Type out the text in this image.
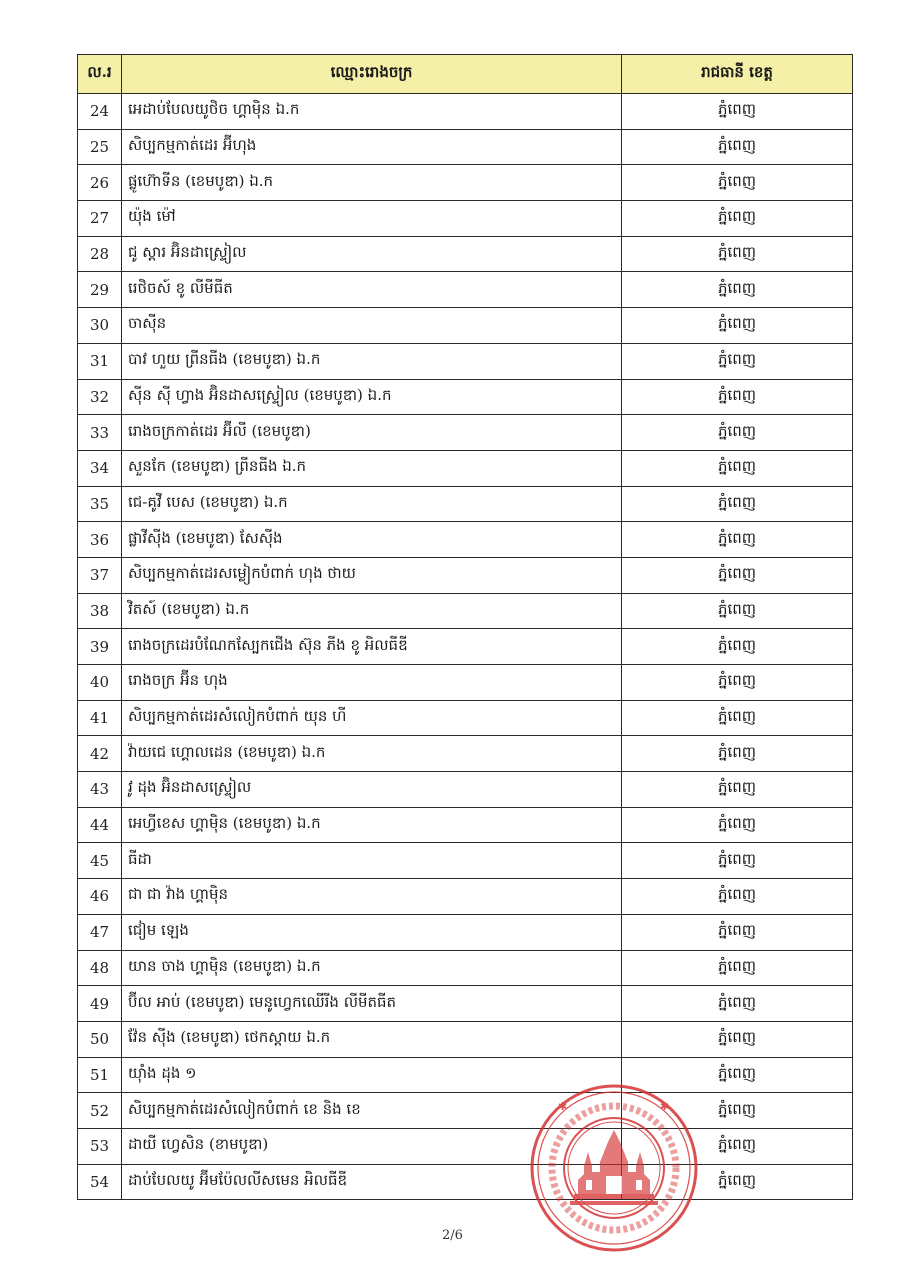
ល.រ	ឈ្មោះរោងចក្រ	រាជធានី ខេត្ត
24	អេដាប់បែលយូថិច ហ្គាម៉ិន ឯ.ក	ភ្នំពេញ
25	សិប្បកម្មកាត់ដេរ អ៊ីហុង	ភ្នំពេញ
26	ផ្លូហ៊ោទីន (ខេមបូឌា) ឯ.ក	ភ្នំពេញ
27	យ៉ុង ម៉ៅ	ភ្នំពេញ
28	ជូ ស្តារ អ៊ិនដាស្រ្ទៀល	ភ្នំពេញ
29	រេថិចស៍ ខូ លីមីធីត	ភ្នំពេញ
30	ចាស៊ីន	ភ្នំពេញ
31	បាវ ហួយ ព្រីនធីង (ខេមបូឌា) ឯ.ក	ភ្នំពេញ
32	ស៊ីន ស៊ី ហ្វាង អ៊ិនដាសស្រ្ទៀល (ខេមបូឌា) ឯ.ក	ភ្នំពេញ
33	រោងចក្រកាត់ដេរ អ៊ីលី (ខេមបូឌា)	ភ្នំពេញ
34	សួនកែ (ខេមបូឌា) ព្រីនធីង ឯ.ក	ភ្នំពេញ
35	ជេ-គូវី បេស (ខេមបូឌា) ឯ.ក	ភ្នំពេញ
36	ផ្លាវីស៊ីង (ខេមបូឌា) សែស៊ីង	ភ្នំពេញ
37	សិប្បកម្មកាត់ដេរសម្លៀកបំពាក់ ហុង ថាយ	ភ្នំពេញ
38	វិតស៍ (ខេមបូឌា) ឯ.ក	ភ្នំពេញ
39	រោងចក្រដេរបំណែកស្បែកជើង ស៊ុន ភីង ខូ អិលធីឌី	ភ្នំពេញ
40	រោងចក្រ អ៊ីន ហុង	ភ្នំពេញ
41	សិប្បកម្មកាត់ដេរសំលៀកបំពាក់ យុន ហី	ភ្នំពេញ
42	វ៉ាយជេ ហ្គោលដេន (ខេមបូឌា) ឯ.ក	ភ្នំពេញ
43	វូ ដុង អ៊ិនដាសស្រ្ទៀល	ភ្នំពេញ
44	អេហ្វីខេស ហ្គាម៉ិន (ខេមបូឌា) ឯ.ក	ភ្នំពេញ
45	ធីដា	ភ្នំពេញ
46	ជា ជា វ៉ាង ហ្គាម៉ិន	ភ្នំពេញ
47	ជៀម ឡេង	ភ្នំពេញ
48	យាន ចាង ហ្គាម៉ិន (ខេមបូឌា) ឯ.ក	ភ្នំពេញ
49	ប៊ីល អាប់ (ខេមបូឌា) មេនូហ្វេកឈើរីង លីមីតធីត	ភ្នំពេញ
50	វ៉ែន ស៊ីង (ខេមបូឌា) ថេកស្តាយ ឯ.ក	ភ្នំពេញ
51	យ៉ាំង ដុង ១	ភ្នំពេញ
52	សិប្បកម្មកាត់ដេរសំលៀកបំពាក់ ខេ និង ខេ	ភ្នំពេញ
53	ដាយី ហ្វេសិន (ខាមបូឌា)	ភ្នំពេញ
54	ដាប់បែលយូ អ៊ីមប៉ែលលីសមេន អិលធីឌី	ភ្នំពេញ
✱	✱
2/6
